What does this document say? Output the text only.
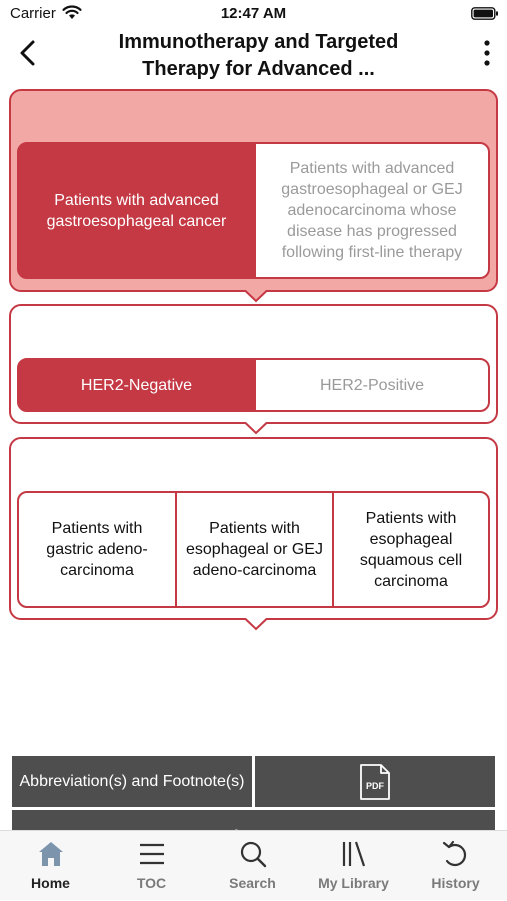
Carrier	12:47 AM
Immunotherapy and Targeted
Therapy for Advanced ...
Patients with advanced gastroesophageal cancer
Patients with advanced gastroesophageal or GEJ adenocarcinoma whose disease has progressed following first-line therapy
HER2-Negative	HER2-Positive
Patients with gastric adeno-carcinoma
Patients with esophageal or GEJ adeno-carcinoma
Patients with esophageal squamous cell carcinoma
Abbreviation(s) and Footnote(s)	PDF
Home	TOC	Search	My Library	History
